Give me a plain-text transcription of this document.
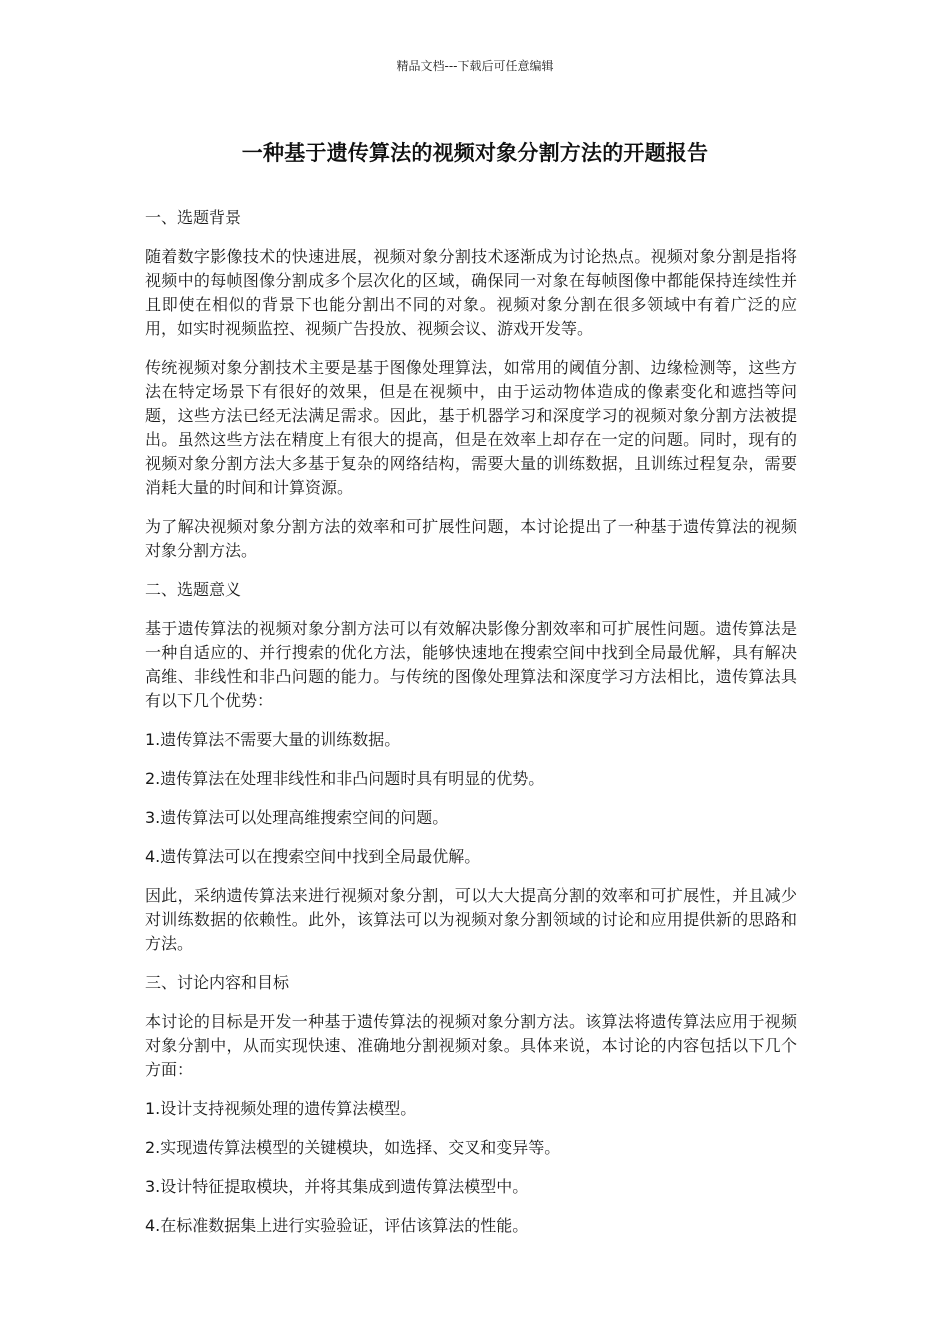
精品文档---下载后可任意编辑
一种基于遗传算法的视频对象分割方法的开题报告

一、选题背景

随着数字影像技术的快速进展，视频对象分割技术逐渐成为讨论热点。视频对象分割是指将视频中的每帧图像分割成多个层次化的区域，确保同一对象在每帧图像中都能保持连续性并且即使在相似的背景下也能分割出不同的对象。视频对象分割在很多领域中有着广泛的应用，如实时视频监控、视频广告投放、视频会议、游戏开发等。

传统视频对象分割技术主要是基于图像处理算法，如常用的阈值分割、边缘检测等，这些方法在特定场景下有很好的效果，但是在视频中，由于运动物体造成的像素变化和遮挡等问题，这些方法已经无法满足需求。因此，基于机器学习和深度学习的视频对象分割方法被提出。虽然这些方法在精度上有很大的提高，但是在效率上却存在一定的问题。同时，现有的视频对象分割方法大多基于复杂的网络结构，需要大量的训练数据，且训练过程复杂，需要消耗大量的时间和计算资源。

为了解决视频对象分割方法的效率和可扩展性问题，本讨论提出了一种基于遗传算法的视频对象分割方法。

二、选题意义

基于遗传算法的视频对象分割方法可以有效解决影像分割效率和可扩展性问题。遗传算法是一种自适应的、并行搜索的优化方法，能够快速地在搜索空间中找到全局最优解，具有解决高维、非线性和非凸问题的能力。与传统的图像处理算法和深度学习方法相比，遗传算法具有以下几个优势：

1.遗传算法不需要大量的训练数据。

2.遗传算法在处理非线性和非凸问题时具有明显的优势。

3.遗传算法可以处理高维搜索空间的问题。

4.遗传算法可以在搜索空间中找到全局最优解。

因此，采纳遗传算法来进行视频对象分割，可以大大提高分割的效率和可扩展性，并且减少对训练数据的依赖性。此外，该算法可以为视频对象分割领域的讨论和应用提供新的思路和方法。

三、讨论内容和目标

本讨论的目标是开发一种基于遗传算法的视频对象分割方法。该算法将遗传算法应用于视频对象分割中，从而实现快速、准确地分割视频对象。具体来说，本讨论的内容包括以下几个方面：

1.设计支持视频处理的遗传算法模型。

2.实现遗传算法模型的关键模块，如选择、交叉和变异等。

3.设计特征提取模块，并将其集成到遗传算法模型中。

4.在标准数据集上进行实验验证，评估该算法的性能。
